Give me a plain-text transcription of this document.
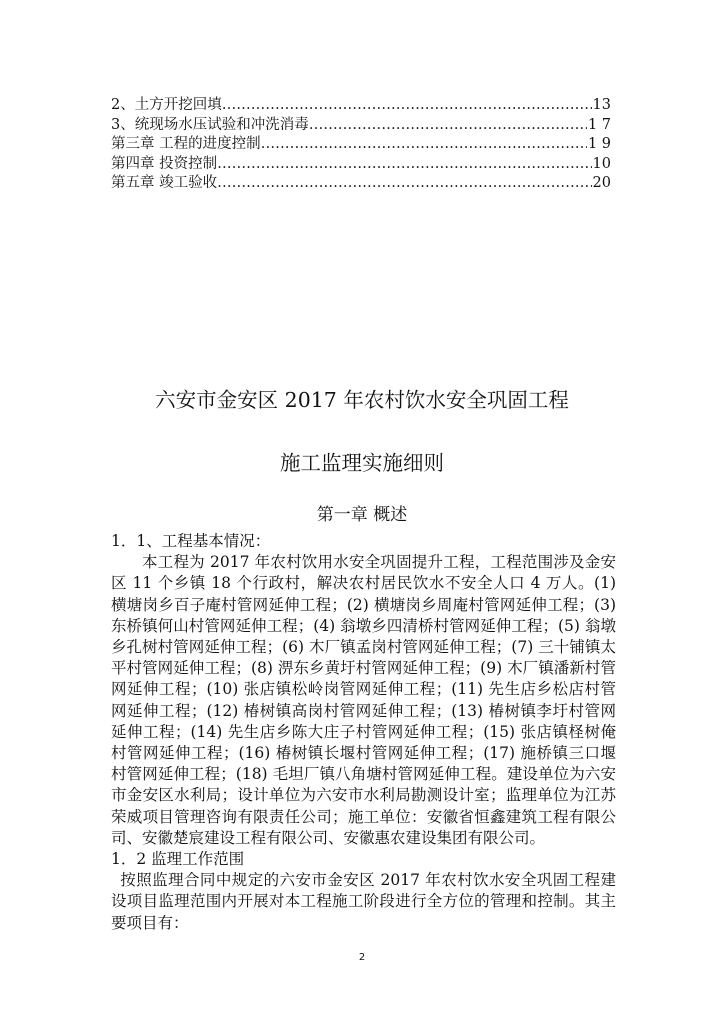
2、土方开挖回填 ……………………………………………………………………………………………………	13
3、统现场水压试验和冲洗消毒 ……………………………………………………………………………………………………	1 7
第三章 工程的进度控制 ……………………………………………………………………………………………………	1 9
第四章 投资控制 ……………………………………………………………………………………………………	10
第五章 竣工验收 ……………………………………………………………………………………………………	20
六安市金安区 2017 年农村饮水安全巩固工程
施工监理实施细则
第一章 概述

1．1、工程基本情况：

本工程为 2017 年农村饮用水安全巩固提升工程，工程范围涉及金安区 11 个乡镇 18 个行政村，解决农村居民饮水不安全人口 4 万人。(1) 横塘岗乡百子庵村管网延伸工程；(2) 横塘岗乡周庵村管网延伸工程；(3) 东桥镇何山村管网延伸工程；(4) 翁墩乡四清桥村管网延伸工程；(5) 翁墩乡孔树村管网延伸工程；(6) 木厂镇孟岗村管网延伸工程；(7) 三十铺镇太平村管网延伸工程；(8) 淠东乡黄圩村管网延伸工程；(9) 木厂镇潘新村管网延伸工程；(10) 张店镇松岭岗管网延伸工程；(11) 先生店乡松店村管网延伸工程；(12) 椿树镇高岗村管网延伸工程；(13) 椿树镇李圩村管网延伸工程；(14) 先生店乡陈大庄子村管网延伸工程；(15) 张店镇柽树俺村管网延伸工程；(16) 椿树镇长堰村管网延伸工程；(17) 施桥镇三口堰村管网延伸工程；(18) 毛坦厂镇八角塘村管网延伸工程。建设单位为六安市金安区水利局；设计单位为六安市水利局勘测设计室；监理单位为江苏荣威项目管理咨询有限责任公司；施工单位：安徽省恒鑫建筑工程有限公司、安徽楚宸建设工程有限公司、安徽惠农建设集团有限公司。

1．2 监理工作范围

按照监理合同中规定的六安市金安区 2017 年农村饮水安全巩固工程建设项目监理范围内开展对本工程施工阶段进行全方位的管理和控制。其主要项目有：

2
